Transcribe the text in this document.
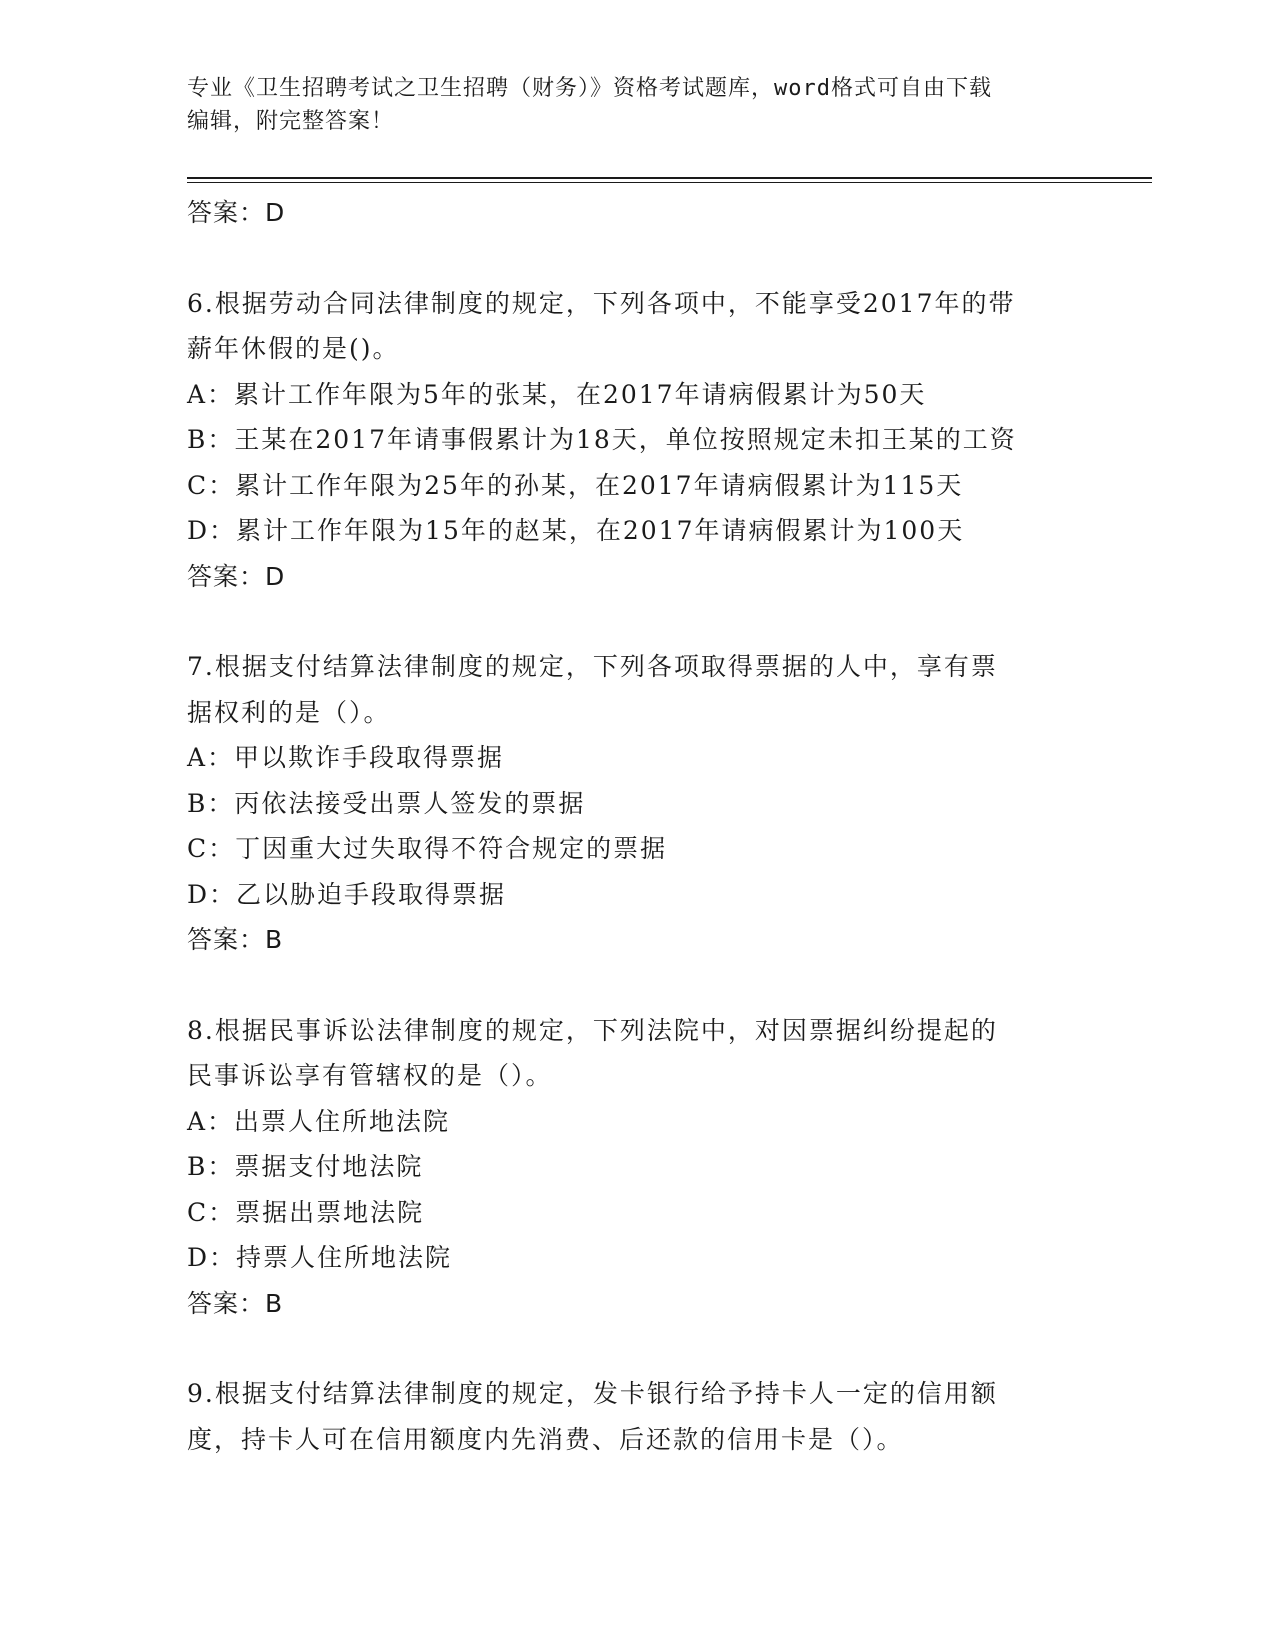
专业《卫生招聘考试之卫生招聘（财务）》资格考试题库，word格式可自由下载
编辑，附完整答案！
答案：D
6.根据劳动合同法律制度的规定，下列各项中，不能享受2017年的带
薪年休假的是()。
A：累计工作年限为5年的张某，在2017年请病假累计为50天
B：王某在2017年请事假累计为18天，单位按照规定未扣王某的工资
C：累计工作年限为25年的孙某，在2017年请病假累计为115天
D：累计工作年限为15年的赵某，在2017年请病假累计为100天
答案：D
7.根据支付结算法律制度的规定，下列各项取得票据的人中，享有票
据权利的是（）。
A：甲以欺诈手段取得票据
B：丙依法接受出票人签发的票据
C：丁因重大过失取得不符合规定的票据
D：乙以胁迫手段取得票据
答案：B
8.根据民事诉讼法律制度的规定，下列法院中，对因票据纠纷提起的
民事诉讼享有管辖权的是（）。
A：出票人住所地法院
B：票据支付地法院
C：票据出票地法院
D：持票人住所地法院
答案：B
9.根据支付结算法律制度的规定，发卡银行给予持卡人一定的信用额
度，持卡人可在信用额度内先消费、后还款的信用卡是（）。
